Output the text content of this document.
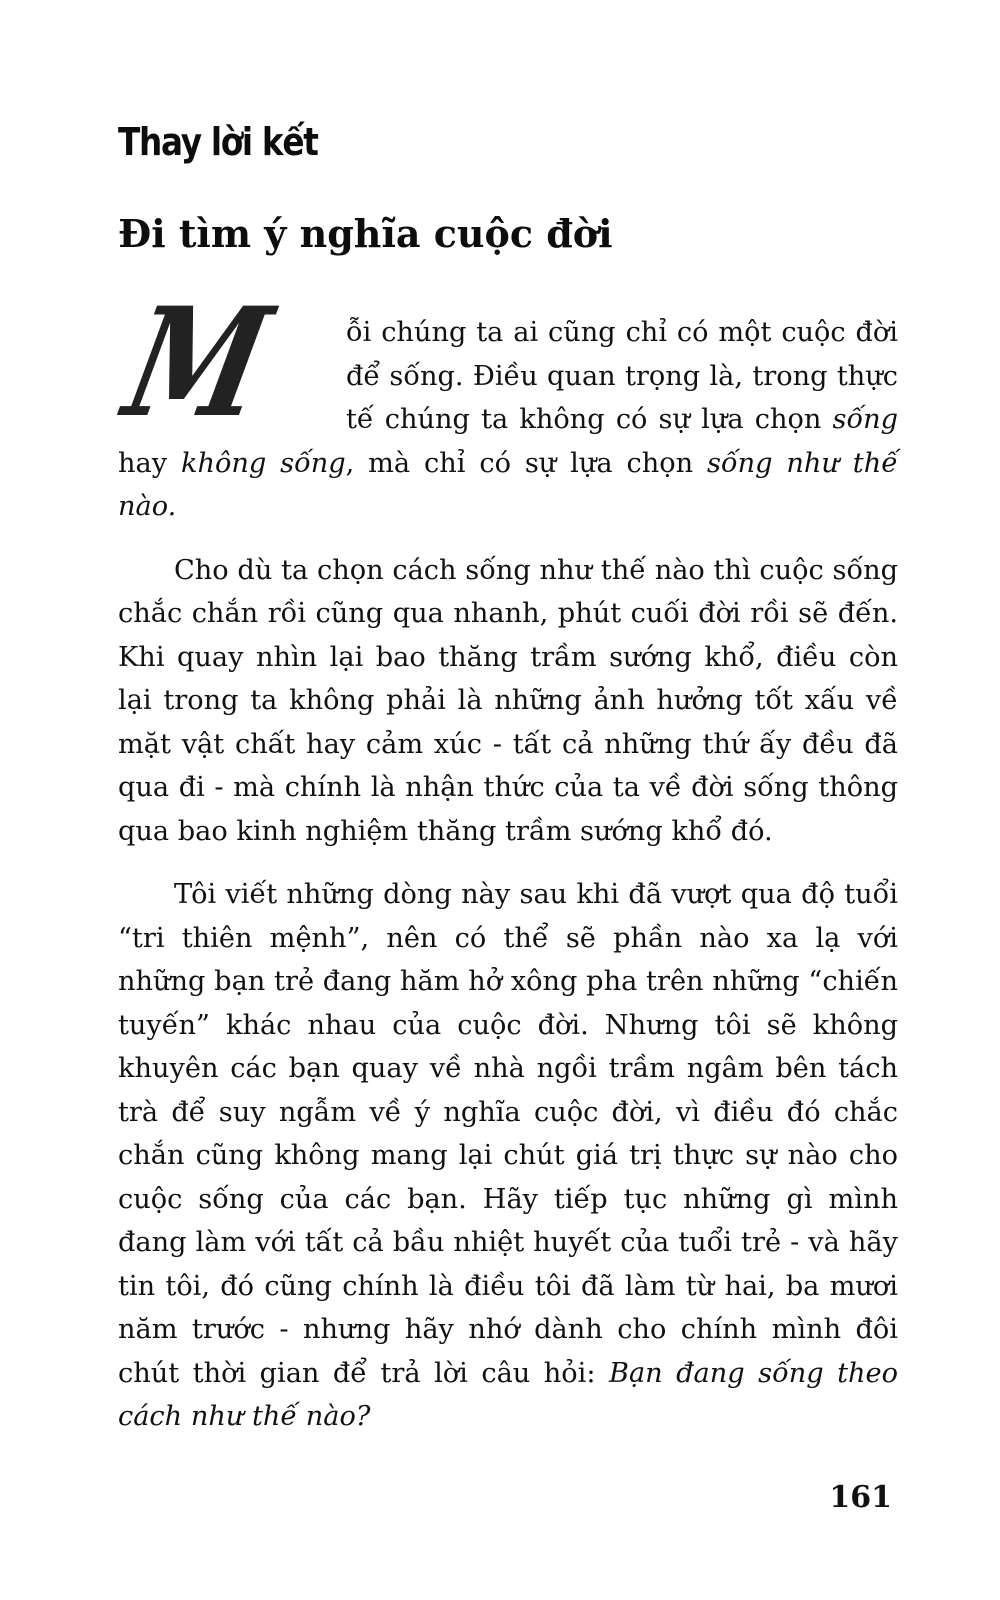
Thay lời kết
Đi tìm ý nghĩa cuộc đời

M	ỗi chúng ta ai cũng chỉ có một cuộc đời để sống. Điều quan trọng là, trong thực tế chúng ta không có sự lựa chọn sống hay không sống, mà chỉ có sự lựa chọn sống như thế nào.

Cho dù ta chọn cách sống như thế nào thì cuộc sống chắc chắn rồi cũng qua nhanh, phút cuối đời rồi sẽ đến. Khi quay nhìn lại bao thăng trầm sướng khổ, điều còn lại trong ta không phải là những ảnh hưởng tốt xấu về mặt vật chất hay cảm xúc - tất cả những thứ ấy đều đã qua đi - mà chính là nhận thức của ta về đời sống thông qua bao kinh nghiệm thăng trầm sướng khổ đó.

Tôi viết những dòng này sau khi đã vượt qua độ tuổi “tri thiên mệnh”, nên có thể sẽ phần nào xa lạ với những bạn trẻ đang hăm hở xông pha trên những “chiến tuyến” khác nhau của cuộc đời. Nhưng tôi sẽ không khuyên các bạn quay về nhà ngồi trầm ngâm bên tách trà để suy ngẫm về ý nghĩa cuộc đời, vì điều đó chắc chắn cũng không mang lại chút giá trị thực sự nào cho cuộc sống của các bạn. Hãy tiếp tục những gì mình đang làm với tất cả bầu nhiệt huyết của tuổi trẻ - và hãy tin tôi, đó cũng chính là điều tôi đã làm từ hai, ba mươi năm trước - nhưng hãy nhớ dành cho chính mình đôi chút thời gian để trả lời câu hỏi: Bạn đang sống theo cách như thế nào?

161
